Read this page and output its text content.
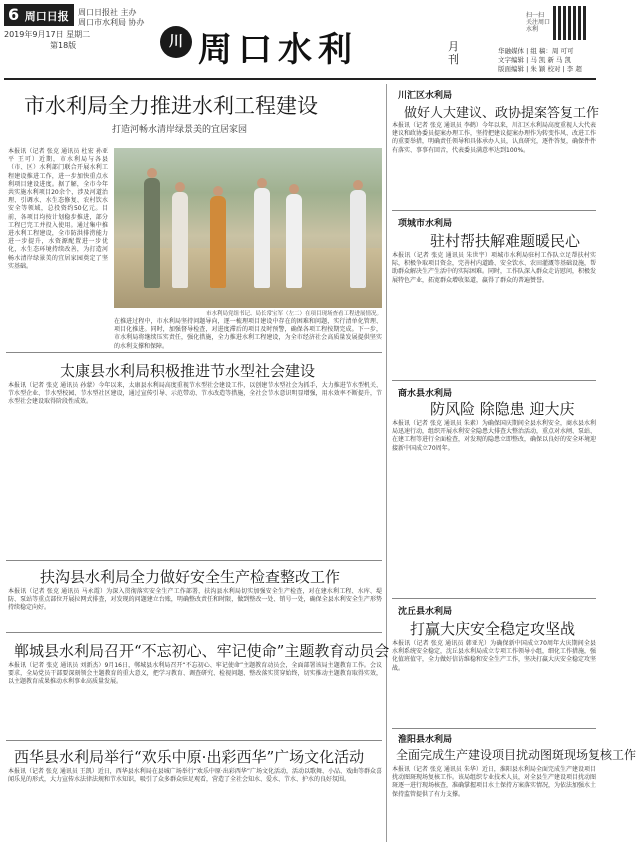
6 周口日报
2019年9月17日 星期二
第18版
周口日报社 主办
周口市水利局 协办
川 周口水利	月刊
扫一扫 关注周口水利
华融媒体 | 组 稿：周 可可
文字编辑 | 马 凯 新 马 凯
版面编辑 | 朱 颖 校对 | 李 超
市水利局全力推进水利工程建设
打造河畅水清岸绿景美的宜居家园
本报讯（记者 张克 通讯员 杜宏 孙亚平 王可）近期，市水利局与各县（市、区）水利部门联合开展水利工程建设推进工作，进一步加快重点水利项目建设进度。据了解，全市今年共实施水利项目20余个，涉及河道治理、引调水、水生态修复、农村饮水安全等领域，总投资约50亿元。目前，各项目均按计划稳步推进，部分工程已完工并投入使用。通过集中推进水利工程建设，全市防洪排涝能力进一步提升，水资源配置进一步优化，水生态环境持续改善，为打造河畅水清岸绿景美的宜居家园奠定了坚实基础。
市水利局党组书记、局长常宝军（左二）在项目现场查看工程进展情况。
在推进过程中，市水利局坚持问题导向，逐一梳理项目建设中存在的困难和问题，实行清单化管理、项目化推进。同时，加强督导检查，对进度滞后的项目及时预警，确保各项工程按期完成。下一步，市水利局将继续压实责任，强化措施，全力推进水利工程建设，为全市经济社会高质量发展提供坚实的水利支撑和保障。
太康县水利局积极推进节水型社会建设
本报讯（记者 张克 通讯员 孙蒙）今年以来，太康县水利局高度重视节水型社会建设工作，以创建节水型社会为抓手，大力推进节水型机关、节水型企业、节水型校园、节水型社区建设，通过宣传引导、示范带动、节水改造等措施，全社会节水意识明显增强，用水效率不断提升，节水型社会建设取得阶段性成效。
扶沟县水利局全力做好安全生产检查整改工作
本报讯（记者 张克 通讯员 马永霞）为深入贯彻落实安全生产工作部署，扶沟县水利局切实加强安全生产检查，对在建水利工程、水库、堤防、泵站等重点部位开展拉网式排查，对发现的问题建立台账，明确整改责任和时限，做到整改一处、销号一处，确保全县水利安全生产形势持续稳定向好。
郸城县水利局召开“不忘初心、牢记使命”主题教育动员会
本报讯（记者 张克 通讯员 刘新杰）9月16日，郸城县水利局召开“不忘初心、牢记使命”主题教育动员会，全面部署该局主题教育工作。会议要求，全局党员干部要深刻领会主题教育的重大意义，把学习教育、调查研究、检视问题、整改落实贯穿始终，切实推动主题教育取得实效，以主题教育成果推动水利事业高质量发展。
西华县水利局举行“欢乐中原·出彩西华”广场文化活动
本报讯（记者 张克 通讯员 王凯）近日，西华县水利局在县城广场举行“欢乐中原·出彩西华”广场文化活动，活动以歌舞、小品、戏曲等群众喜闻乐见的形式，大力宣传水法律法规和节水知识，吸引了众多群众驻足观看，营造了全社会知水、爱水、节水、护水的良好氛围。
川汇区水利局
做好人大建议、政协提案答复工作
本报讯（记者 张克 通讯员 李鹤）今年以来，川汇区水利局高度重视人大代表建议和政协委员提案办理工作，坚持把建议提案办理作为转变作风、改进工作的重要举措，明确责任领导和具体承办人员，认真研究，逐件答复，确保件件有落实、事事有回音，代表委员满意率达到100%。
项城市水利局
驻村帮扶解难题暖民心
本报讯（记者 张克 通讯员 朱世宇）项城市水利局驻村工作队立足帮扶村实际，积极争取项目资金，完善村内道路、安全饮水、农田灌溉等基础设施，帮助群众解决生产生活中的实际困难。同时，工作队深入群众走访慰问，积极发展特色产业，拓宽群众增收渠道，赢得了群众的普遍赞誉。
商水县水利局
防风险 除隐患 迎大庆
本报讯（记者 张克 通讯员 朱素）为确保国庆期间全县水利安全，商水县水利局迅速行动，组织开展水利安全隐患大排查大整治活动，重点对水闸、泵站、在建工程等进行全面检查，对发现的隐患立即整改，确保以良好的安全环境迎接新中国成立70周年。
沈丘县水利局
打赢大庆安全稳定攻坚战
本报讯（记者 张克 通讯员 韩亚光）为确保新中国成立70周年大庆期间全县水利系统安全稳定，沈丘县水利局成立专项工作领导小组，细化工作措施，强化值班值守，全力做好信访维稳和安全生产工作，坚决打赢大庆安全稳定攻坚战。
淮阳县水利局
全面完成生产建设项目扰动图斑现场复核工作
本报讯（记者 张克 通讯员 朱华）近日，淮阳县水利局全面完成生产建设项目扰动图斑现场复核工作。该局组织专业技术人员，对全县生产建设项目扰动图斑逐一进行现场核查，准确掌握项目水土保持方案落实情况，为依法加强水土保持监管提供了有力支撑。
